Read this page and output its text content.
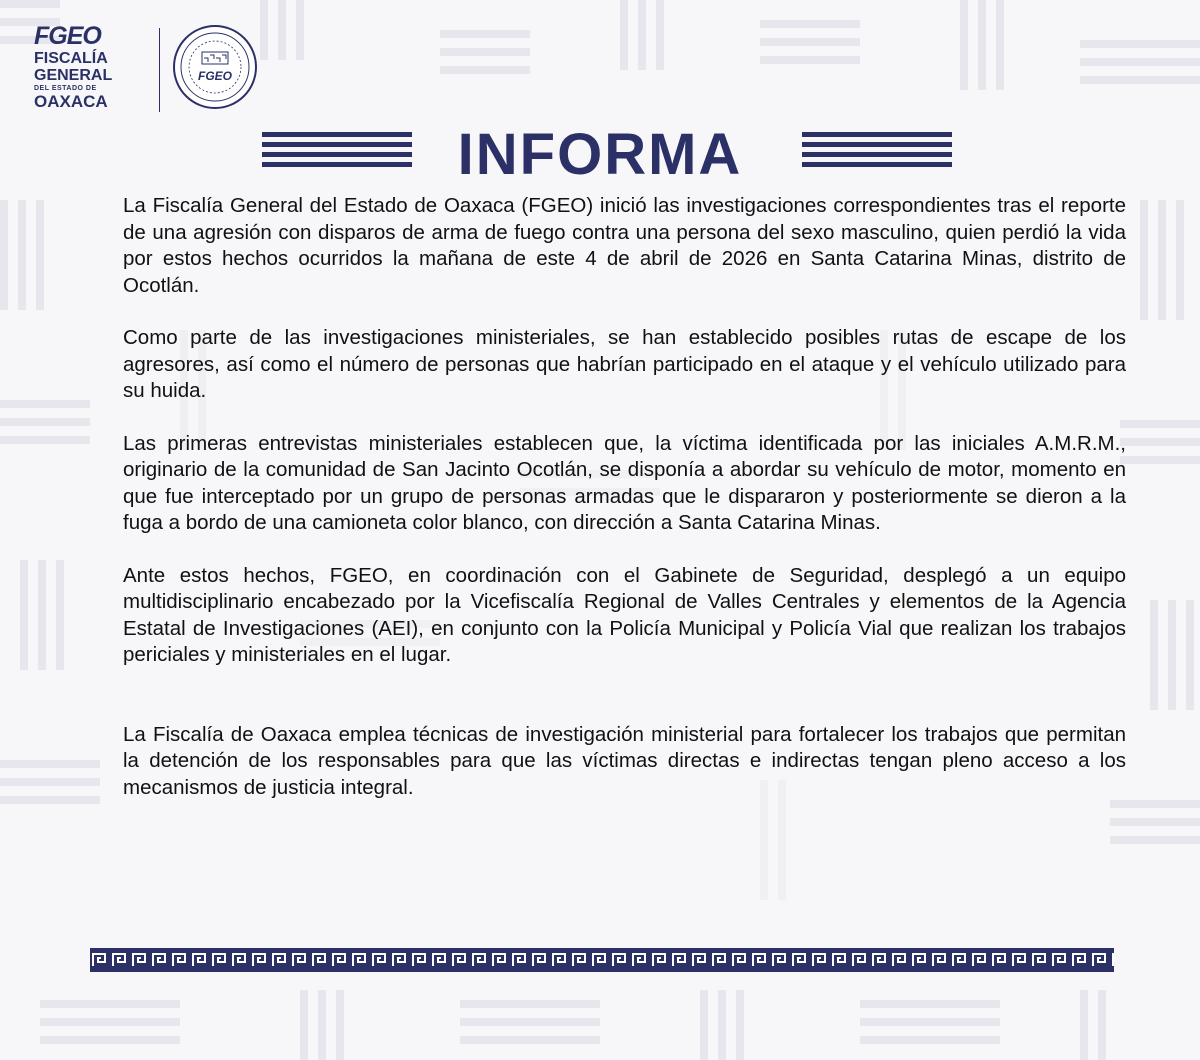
FGEO
FISCALÍA
GENERAL
DEL ESTADO DE
OAXACA
FGEO
INFORMA

La Fiscalía General del Estado de Oaxaca (FGEO) inició las investigaciones correspondientes tras el reporte de una agresión con disparos de arma de fuego contra una persona del sexo masculino, quien perdió la vida por estos hechos ocurridos la mañana de este 4 de abril de 2026 en Santa Catarina Minas, distrito de Ocotlán.

Como parte de las investigaciones ministeriales, se han establecido posibles rutas de escape de los agresores, así como el número de personas que habrían participado en el ataque y el vehículo utilizado para su huida.

Las primeras entrevistas ministeriales establecen que, la víctima identificada por las iniciales A.M.R.M., originario de la comunidad de San Jacinto Ocotlán, se disponía a abordar su vehículo de motor, momento en que fue interceptado por un grupo de personas armadas que le dispararon y posteriormente se dieron a la fuga a bordo de una camioneta color blanco, con dirección a Santa Catarina Minas.

Ante estos hechos, FGEO, en coordinación con el Gabinete de Seguridad, desplegó a un equipo multidisciplinario encabezado por la Vicefiscalía Regional de Valles Centrales y elementos de la Agencia Estatal de Investigaciones (AEI), en conjunto con la Policía Municipal y Policía Vial que realizan los trabajos periciales y ministeriales en el lugar.

La Fiscalía de Oaxaca emplea técnicas de investigación ministerial para fortalecer los trabajos que permitan la detención de los responsables para que las víctimas directas e indirectas tengan pleno acceso a los mecanismos de justicia integral.
